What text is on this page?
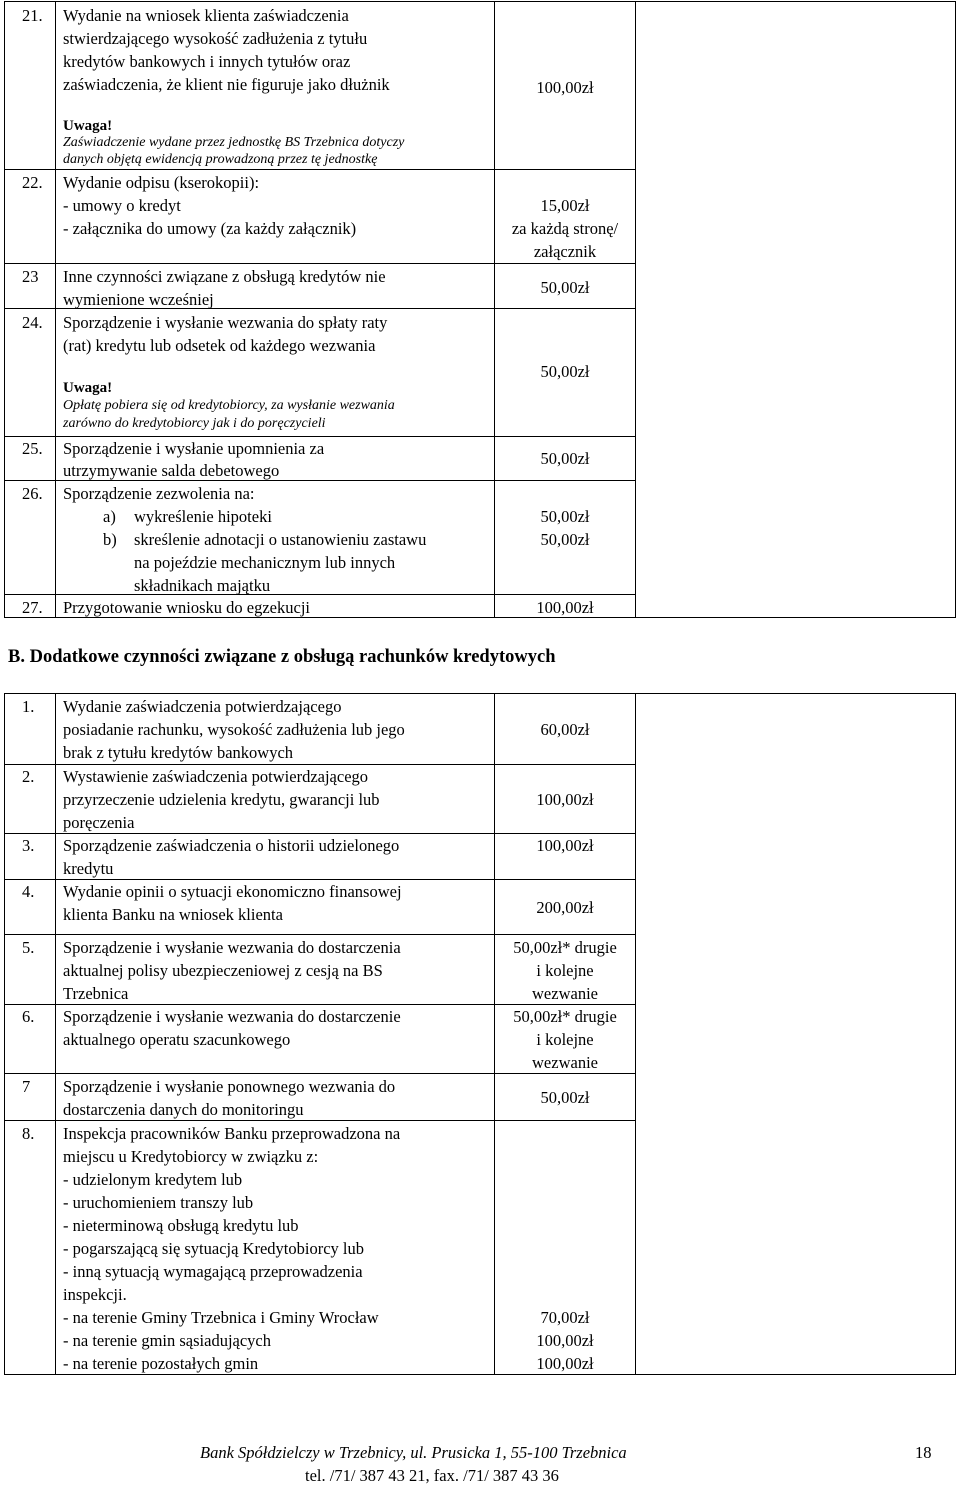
21. Wydanie na wniosek klienta zaświadczenia
stwierdzającego wysokość zadłużenia z tytułu
kredytów bankowych i innych tytułów oraz
zaświadczenia, że klient nie figuruje jako dłużnik
Uwaga!
Zaświadczenie wydane przez jednostkę BS Trzebnica dotyczy
danych objętą ewidencją prowadzoną przez tę jednostkę
100,00zł
22. Wydanie odpisu (kserokopii):
- umowy o kredyt
- załącznika do umowy (za każdy załącznik)
15,00zł
za każdą stronę/
załącznik
23 Inne czynności związane z obsługą kredytów nie
wymienione wcześniej
50,00zł
24. Sporządzenie i wysłanie wezwania do spłaty raty
(rat) kredytu lub odsetek od każdego wezwania
Uwaga!
Opłatę pobiera się od kredytobiorcy, za wysłanie wezwania
zarówno do kredytobiorcy jak i do poręczycieli
50,00zł
25. Sporządzenie i wysłanie upomnienia za
utrzymywanie salda debetowego
50,00zł
26. Sporządzenie zezwolenia na:
a) wykreślenie hipoteki
b) skreślenie adnotacji o ustanowieniu zastawu
na pojeździe mechanicznym lub innych
składnikach majątku
50,00zł
50,00zł
27. Przygotowanie wniosku do egzekucji	100,00zł
B. Dodatkowe czynności związane z obsługą rachunków kredytowych
1. Wydanie zaświadczenia potwierdzającego
posiadanie rachunku, wysokość zadłużenia lub jego
brak z tytułu kredytów bankowych
60,00zł
2. Wystawienie zaświadczenia potwierdzającego
przyrzeczenie udzielenia kredytu, gwarancji lub
poręczenia
100,00zł
3. Sporządzenie zaświadczenia o historii udzielonego
kredytu
100,00zł
4. Wydanie opinii o sytuacji ekonomiczno finansowej
klienta Banku na wniosek klienta	200,00zł
5. Sporządzenie i wysłanie wezwania do dostarczenia
aktualnej polisy ubezpieczeniowej z cesją na BS
Trzebnica
50,00zł* drugie
i kolejne
wezwanie
6. Sporządzenie i wysłanie wezwania do dostarczenie
aktualnego operatu szacunkowego
50,00zł* drugie
i kolejne
wezwanie
7 Sporządzenie i wysłanie ponownego wezwania do
dostarczenia danych do monitoringu
50,00zł
8. Inspekcja pracowników Banku przeprowadzona na
miejscu u Kredytobiorcy w związku z:
- udzielonym kredytem lub
- uruchomieniem transzy lub
- nieterminową obsługą kredytu lub
- pogarszającą się sytuacją Kredytobiorcy lub
- inną sytuacją wymagającą przeprowadzenia
inspekcji.
- na terenie Gminy Trzebnica i Gminy Wrocław
- na terenie gmin sąsiadujących
- na terenie pozostałych gmin
70,00zł
100,00zł
100,00zł
Bank Spółdzielczy w Trzebnicy, ul. Prusicka 1, 55-100 Trzebnica
tel. /71/ 387 43 21, fax. /71/ 387 43 36
18
